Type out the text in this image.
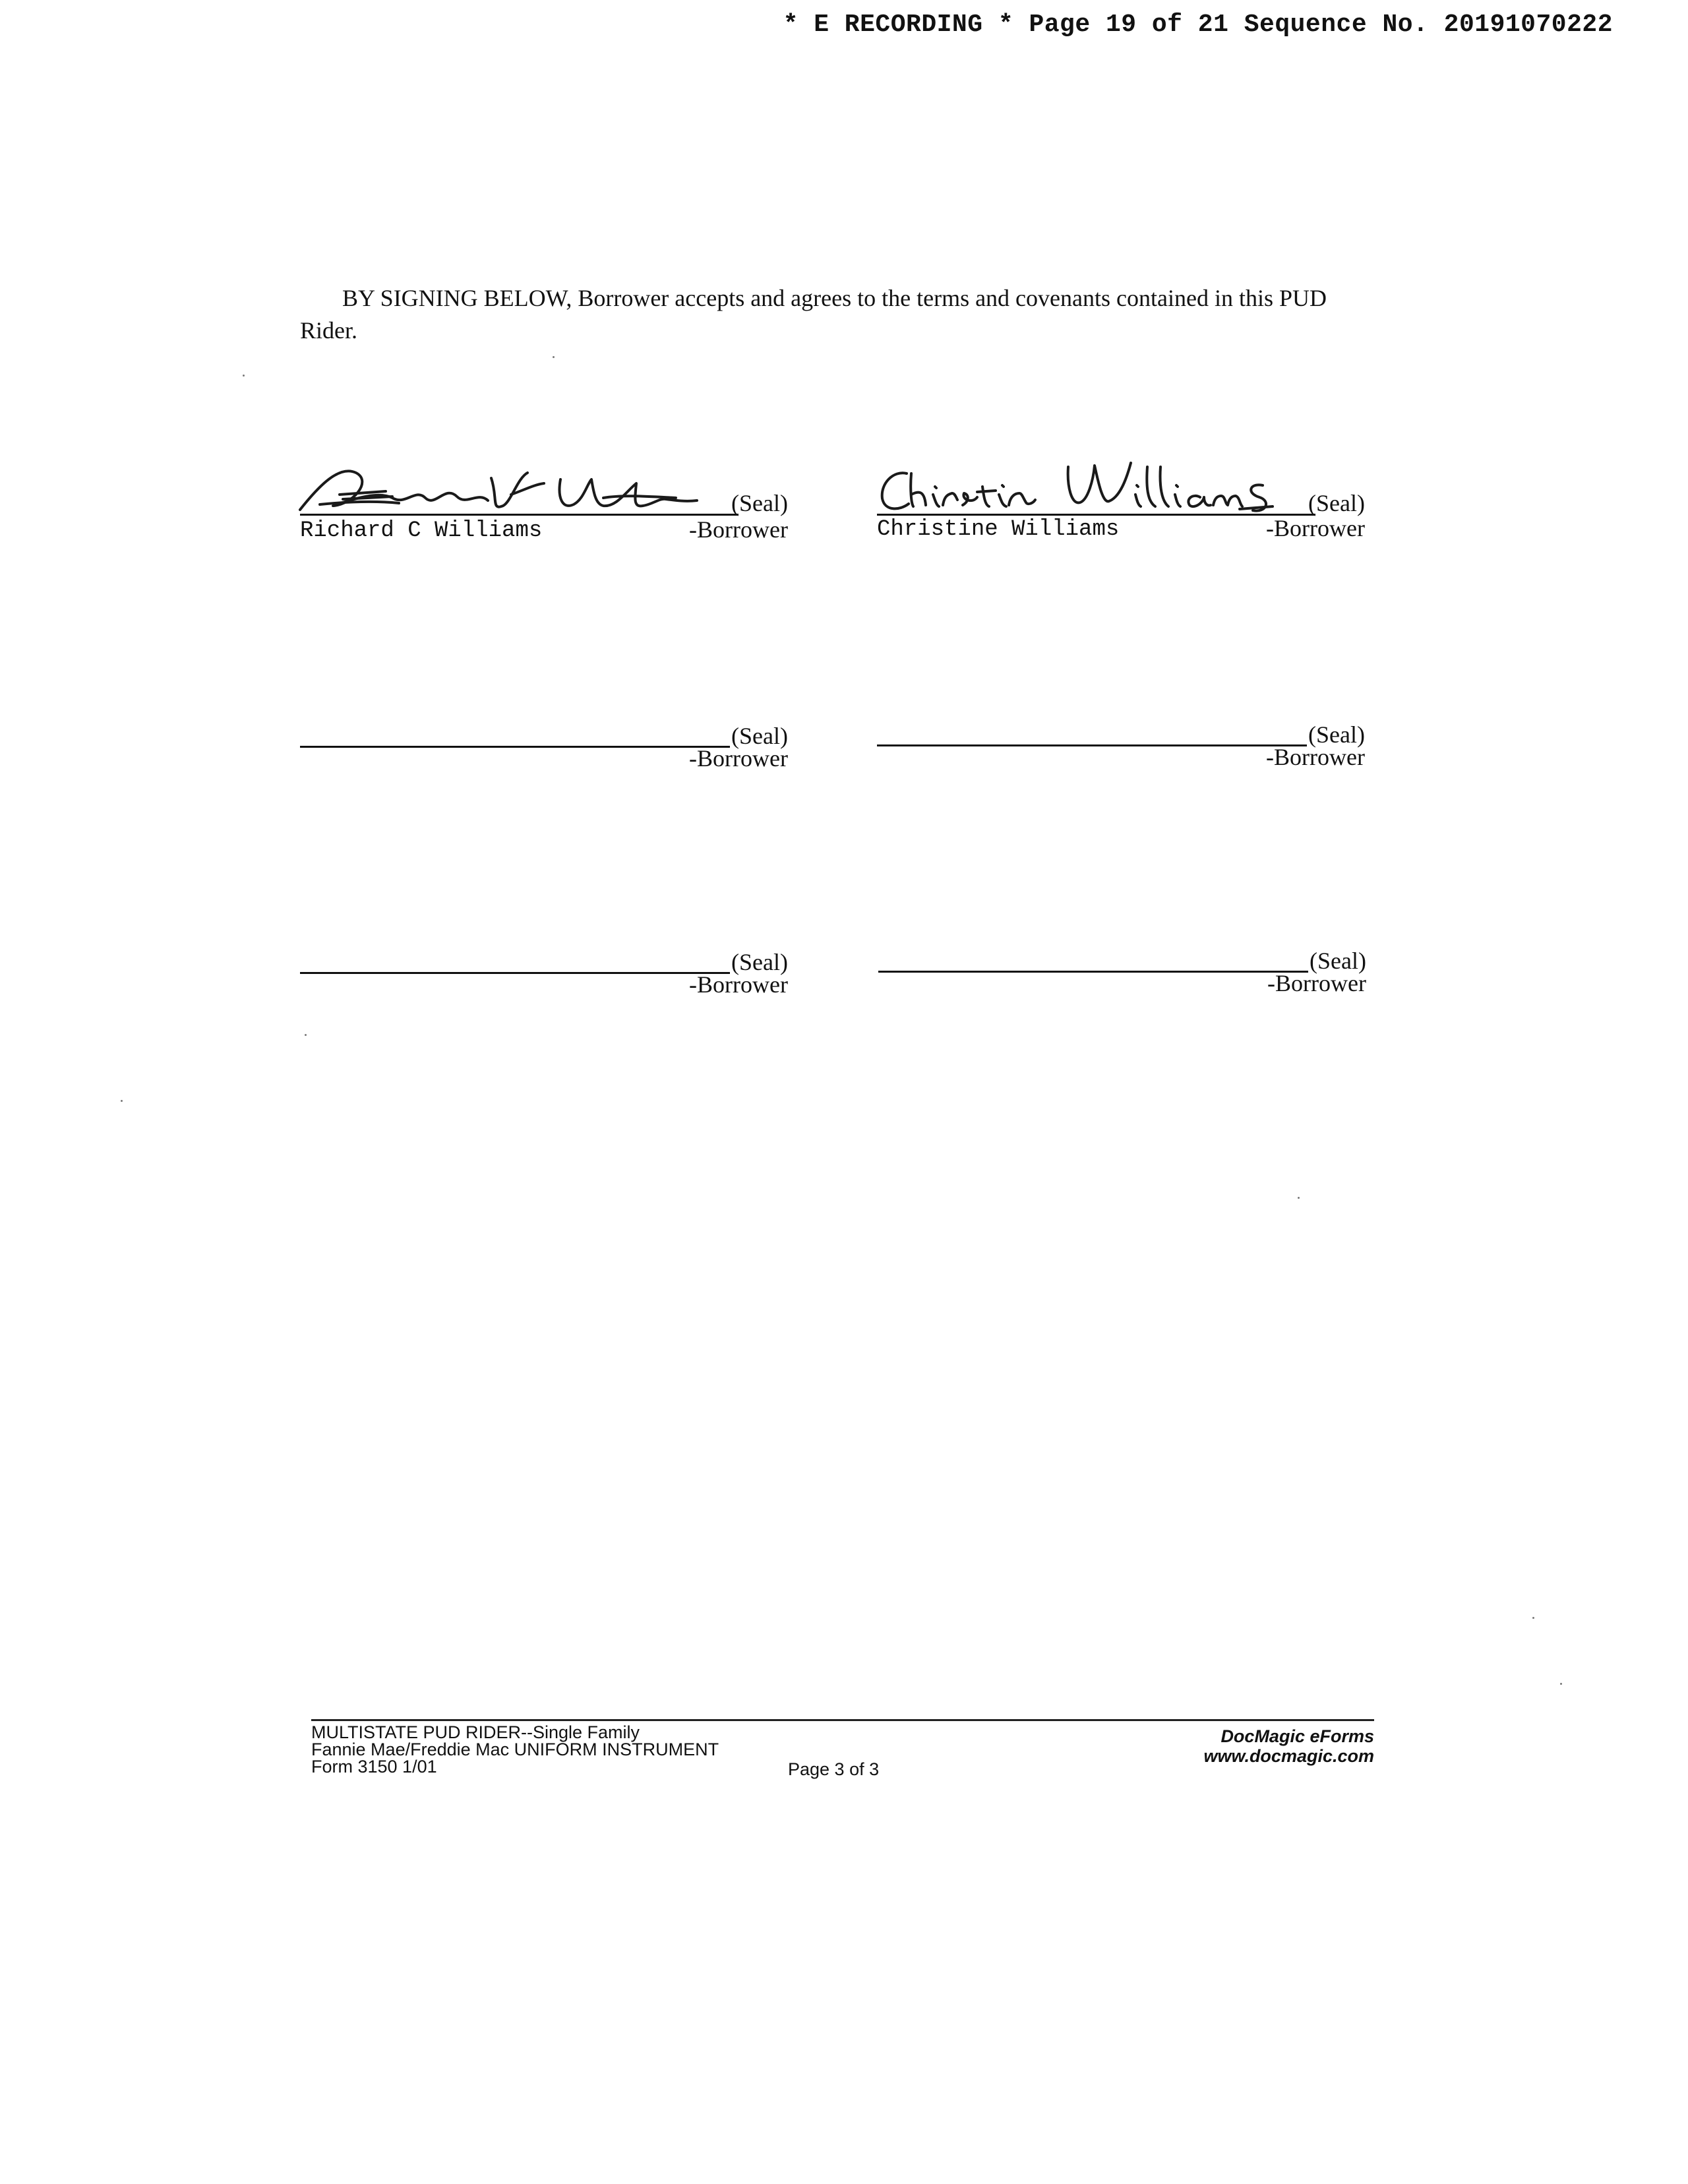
* E RECORDING * Page 19 of 21 Sequence No. 20191070222
BY SIGNING BELOW, Borrower accepts and agrees to the terms and covenants contained in this PUD Rider.
(Seal)
Richard C Williams	-Borrower
(Seal)
Christine Williams	-Borrower
(Seal)
-Borrower
(Seal)
-Borrower
(Seal)
-Borrower
(Seal)
-Borrower
MULTISTATE PUD RIDER--Single Family
Fannie Mae/Freddie Mac UNIFORM INSTRUMENT
Form 3150 1/01	Page 3 of 3
DocMagic eForms
www.docmagic.com
